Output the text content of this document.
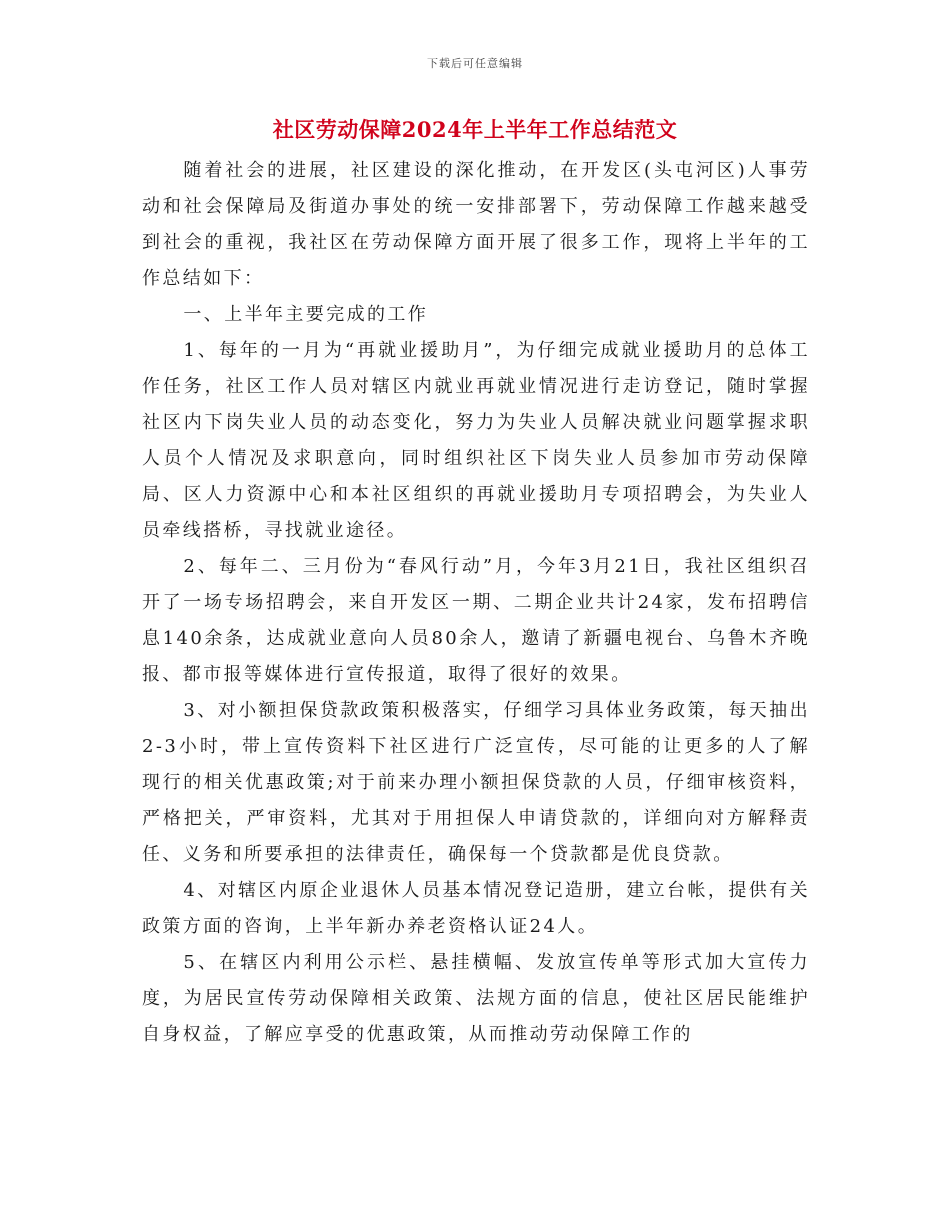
下载后可任意编辑
社区劳动保障2024年上半年工作总结范文

随着社会的进展，社区建设的深化推动，在开发区(头屯河区)人事劳动和社会保障局及街道办事处的统一安排部署下，劳动保障工作越来越受到社会的重视，我社区在劳动保障方面开展了很多工作，现将上半年的工作总结如下：

一、上半年主要完成的工作

1、每年的一月为“再就业援助月”，为仔细完成就业援助月的总体工作任务，社区工作人员对辖区内就业再就业情况进行走访登记，随时掌握社区内下岗失业人员的动态变化，努力为失业人员解决就业问题掌握求职人员个人情况及求职意向，同时组织社区下岗失业人员参加市劳动保障局、区人力资源中心和本社区组织的再就业援助月专项招聘会，为失业人员牵线搭桥，寻找就业途径。

2、每年二、三月份为“春风行动”月，今年3月21日，我社区组织召开了一场专场招聘会，来自开发区一期、二期企业共计24家，发布招聘信息140余条，达成就业意向人员80余人，邀请了新疆电视台、乌鲁木齐晚报、都市报等媒体进行宣传报道，取得了很好的效果。

3、对小额担保贷款政策积极落实，仔细学习具体业务政策，每天抽出2-3小时，带上宣传资料下社区进行广泛宣传，尽可能的让更多的人了解现行的相关优惠政策;对于前来办理小额担保贷款的人员，仔细审核资料，严格把关，严审资料，尤其对于用担保人申请贷款的，详细向对方解释责任、义务和所要承担的法律责任，确保每一个贷款都是优良贷款。

4、对辖区内原企业退休人员基本情况登记造册，建立台帐，提供有关政策方面的咨询，上半年新办养老资格认证24人。

5、在辖区内利用公示栏、悬挂横幅、发放宣传单等形式加大宣传力度，为居民宣传劳动保障相关政策、法规方面的信息，使社区居民能维护自身权益，了解应享受的优惠政策，从而推动劳动保障工作的
